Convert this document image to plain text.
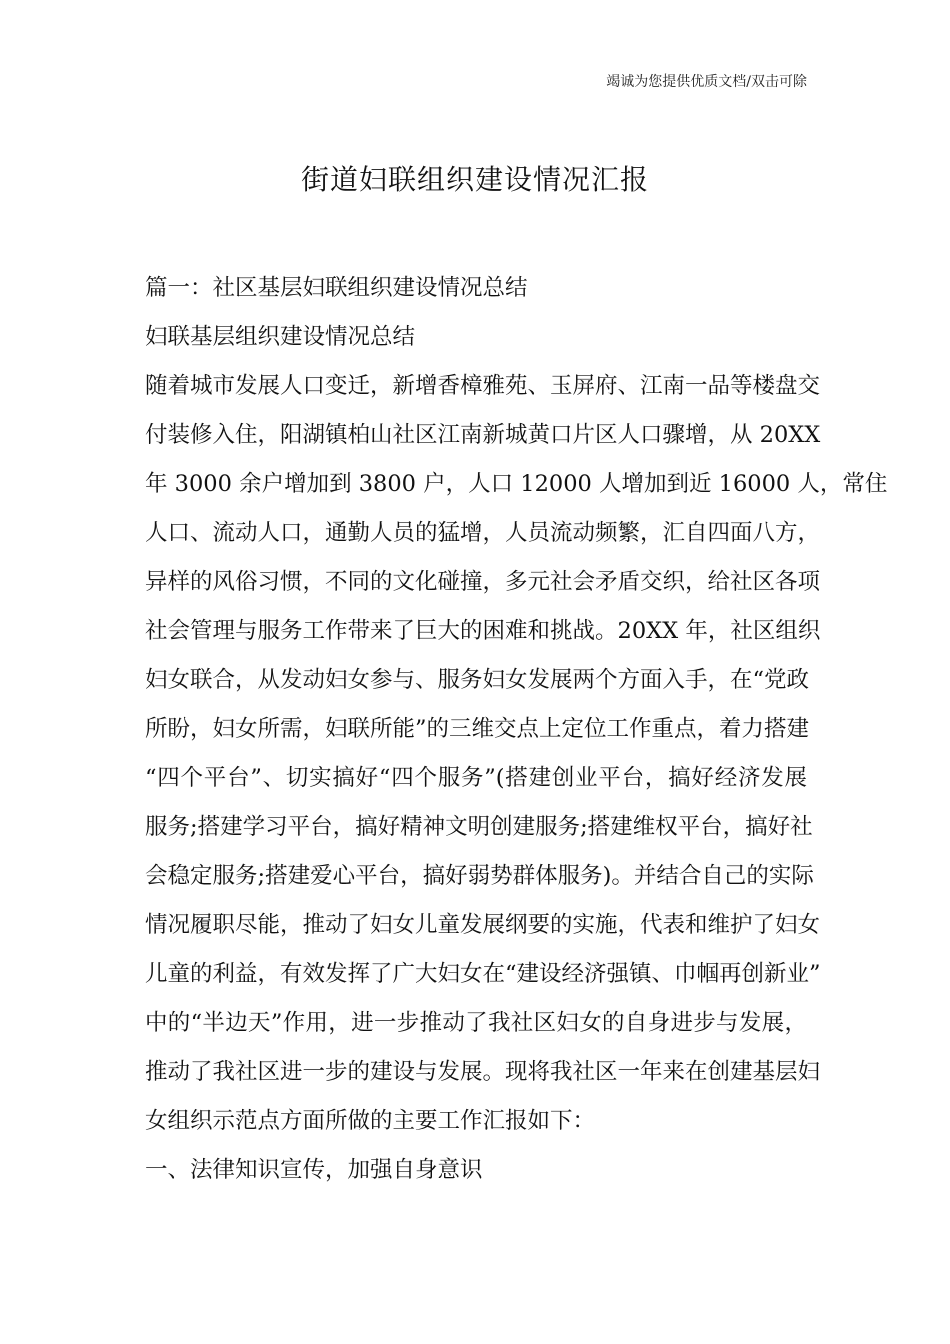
竭诚为您提供优质文档/双击可除
街道妇联组织建设情况汇报
篇一：社区基层妇联组织建设情况总结
妇联基层组织建设情况总结
随着城市发展人口变迁，新增香樟雅苑、玉屏府、江南一品等楼盘交
付装修入住，阳湖镇柏山社区江南新城黄口片区人口骤增，从 20XX
年 3000 余户增加到 3800 户，人口 12000 人增加到近 16000 人，常住
人口、流动人口，通勤人员的猛增，人员流动频繁，汇自四面八方，
异样的风俗习惯，不同的文化碰撞，多元社会矛盾交织，给社区各项
社会管理与服务工作带来了巨大的困难和挑战。20XX 年，社区组织
妇女联合，从发动妇女参与、服务妇女发展两个方面入手，在“党政
所盼，妇女所需，妇联所能”的三维交点上定位工作重点，着力搭建
“四个平台”、切实搞好“四个服务”(搭建创业平台，搞好经济发展
服务;搭建学习平台，搞好精神文明创建服务;搭建维权平台，搞好社
会稳定服务;搭建爱心平台，搞好弱势群体服务)。并结合自己的实际
情况履职尽能，推动了妇女儿童发展纲要的实施，代表和维护了妇女
儿童的利益，有效发挥了广大妇女在“建设经济强镇、巾帼再创新业”
中的“半边天”作用，进一步推动了我社区妇女的自身进步与发展，
推动了我社区进一步的建设与发展。现将我社区一年来在创建基层妇
女组织示范点方面所做的主要工作汇报如下：
一、法律知识宣传，加强自身意识
